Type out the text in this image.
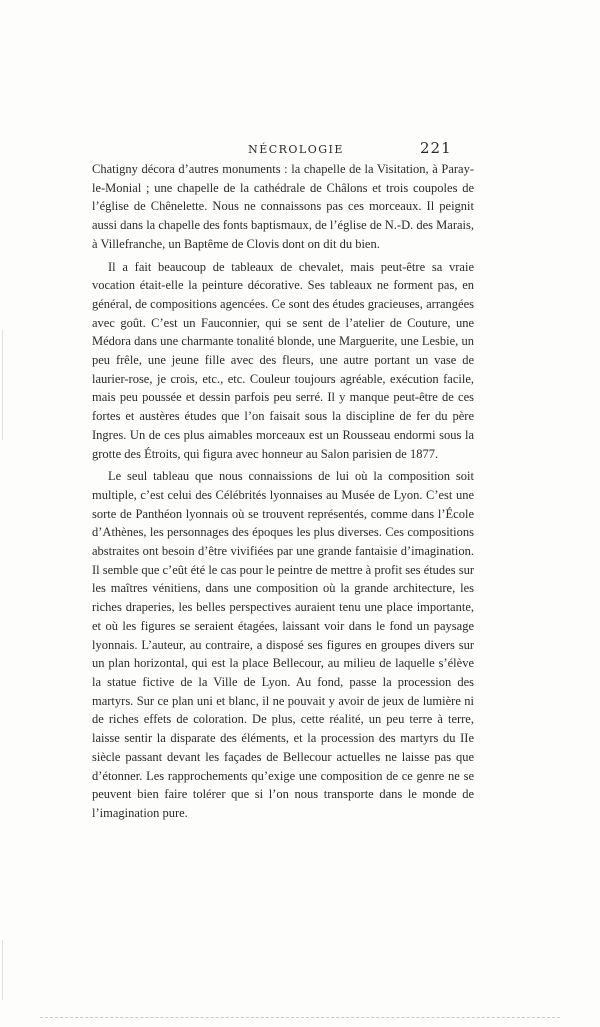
NÉCROLOGIE	221

Chatigny décora d’autres monuments : la chapelle de la Visitation, à Paray-le-Monial ; une chapelle de la cathédrale de Châlons et trois coupoles de l’église de Chênelette. Nous ne connaissons pas ces morceaux. Il peignit aussi dans la chapelle des fonts baptismaux, de l’église de N.-D. des Marais, à Villefranche, un Baptême de Clovis dont on dit du bien.

Il a fait beaucoup de tableaux de chevalet, mais peut-être sa vraie vocation était-elle la peinture décorative. Ses tableaux ne forment pas, en général, de compositions agencées. Ce sont des études gracieuses, arrangées avec goût. C’est un Fauconnier, qui se sent de l’atelier de Couture, une Médora dans une charmante tonalité blonde, une Marguerite, une Lesbie, un peu frêle, une jeune fille avec des fleurs, une autre portant un vase de laurier-rose, je crois, etc., etc. Couleur toujours agréable, exécution facile, mais peu poussée et dessin parfois peu serré. Il y manque peut-être de ces fortes et austères études que l’on faisait sous la discipline de fer du père Ingres. Un de ces plus aimables morceaux est un Rousseau endormi sous la grotte des Étroits, qui figura avec honneur au Salon parisien de 1877.

Le seul tableau que nous connaissions de lui où la composition soit multiple, c’est celui des Célébrités lyonnaises au Musée de Lyon. C’est une sorte de Panthéon lyonnais où se trouvent représentés, comme dans l’École d’Athènes, les personnages des époques les plus diverses. Ces compositions abstraites ont besoin d’être vivifiées par une grande fantaisie d’imagination. Il semble que c’eût été le cas pour le peintre de mettre à profit ses études sur les maîtres vénitiens, dans une composition où la grande architecture, les riches draperies, les belles perspectives auraient tenu une place importante, et où les figures se seraient étagées, laissant voir dans le fond un paysage lyonnais. L’auteur, au contraire, a disposé ses figures en groupes divers sur un plan horizontal, qui est la place Bellecour, au milieu de laquelle s’élève la statue fictive de la Ville de Lyon. Au fond, passe la procession des martyrs. Sur ce plan uni et blanc, il ne pouvait y avoir de jeux de lumière ni de riches effets de coloration. De plus, cette réalité, un peu terre à terre, laisse sentir la disparate des éléments, et la procession des martyrs du IIe siècle passant devant les façades de Bellecour actuelles ne laisse pas que d’étonner. Les rapprochements qu’exige une composition de ce genre ne se peuvent bien faire tolérer que si l’on nous transporte dans le monde de l’imagination pure.
